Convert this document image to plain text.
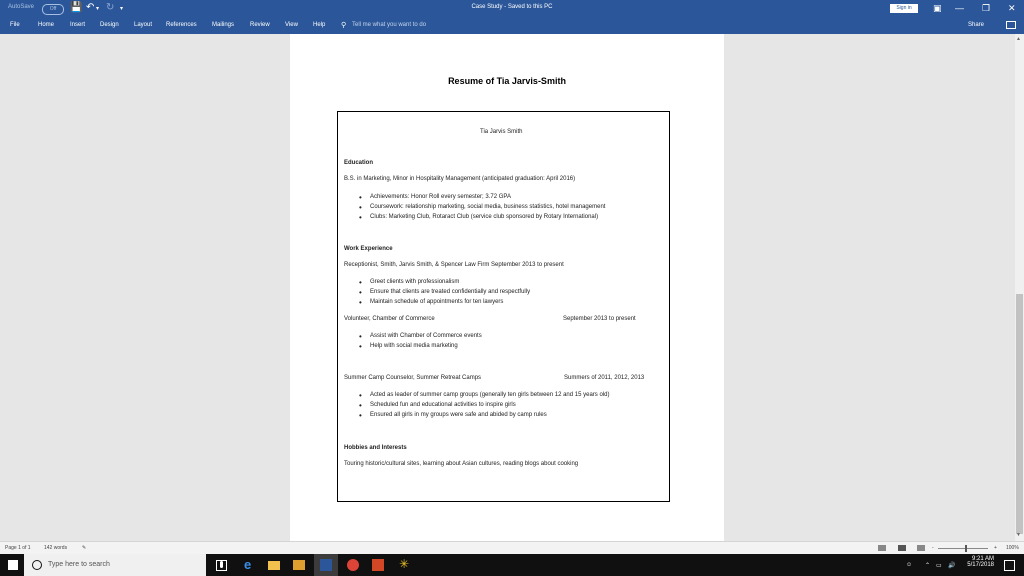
AutoSave	Off	💾 ↶ ▾ ↻ ▾	Case Study - Saved to this PC	Sign in	▣ — ❐ ✕
File	Home	Insert Design	Layout References	Mailings	Review	View	Help ⚲ Tell me what you want to do	Share
Resume of Tia Jarvis-Smith
Tia Jarvis Smith
Education
B.S. in Marketing, Minor in Hospitality Management (anticipated graduation: April 2016)
• Achievements: Honor Roll every semester; 3.72 GPA
• Coursework: relationship marketing, social media, business statistics, hotel management
• Clubs: Marketing Club, Rotaract Club (service club sponsored by Rotary International)
Work Experience
Receptionist, Smith, Jarvis Smith, & Spencer Law Firm September 2013 to present
• Greet clients with professionalism
• Ensure that clients are treated confidentially and respectfully
• Maintain schedule of appointments for ten lawyers
Volunteer, Chamber of Commerce	September 2013 to present
• Assist with Chamber of Commerce events
• Help with social media marketing
Summer Camp Counselor, Summer Retreat Camps	Summers of 2011, 2012, 2013
• Acted as leader of summer camp groups (generally ten girls between 12 and 15 years old)
• Scheduled fun and educational activities to inspire girls
• Ensured all girls in my groups were safe and abided by camp rules
Hobbies and Interests
Touring historic/cultural sites, learning about Asian cultures, reading blogs about cooking
▲
▼
Page 1 of 1	142 words	✎	-	+ 100%
Type here to search	e	✳	☺ ⌃ ▭ 🔊
9:21 AM
5/17/2018
